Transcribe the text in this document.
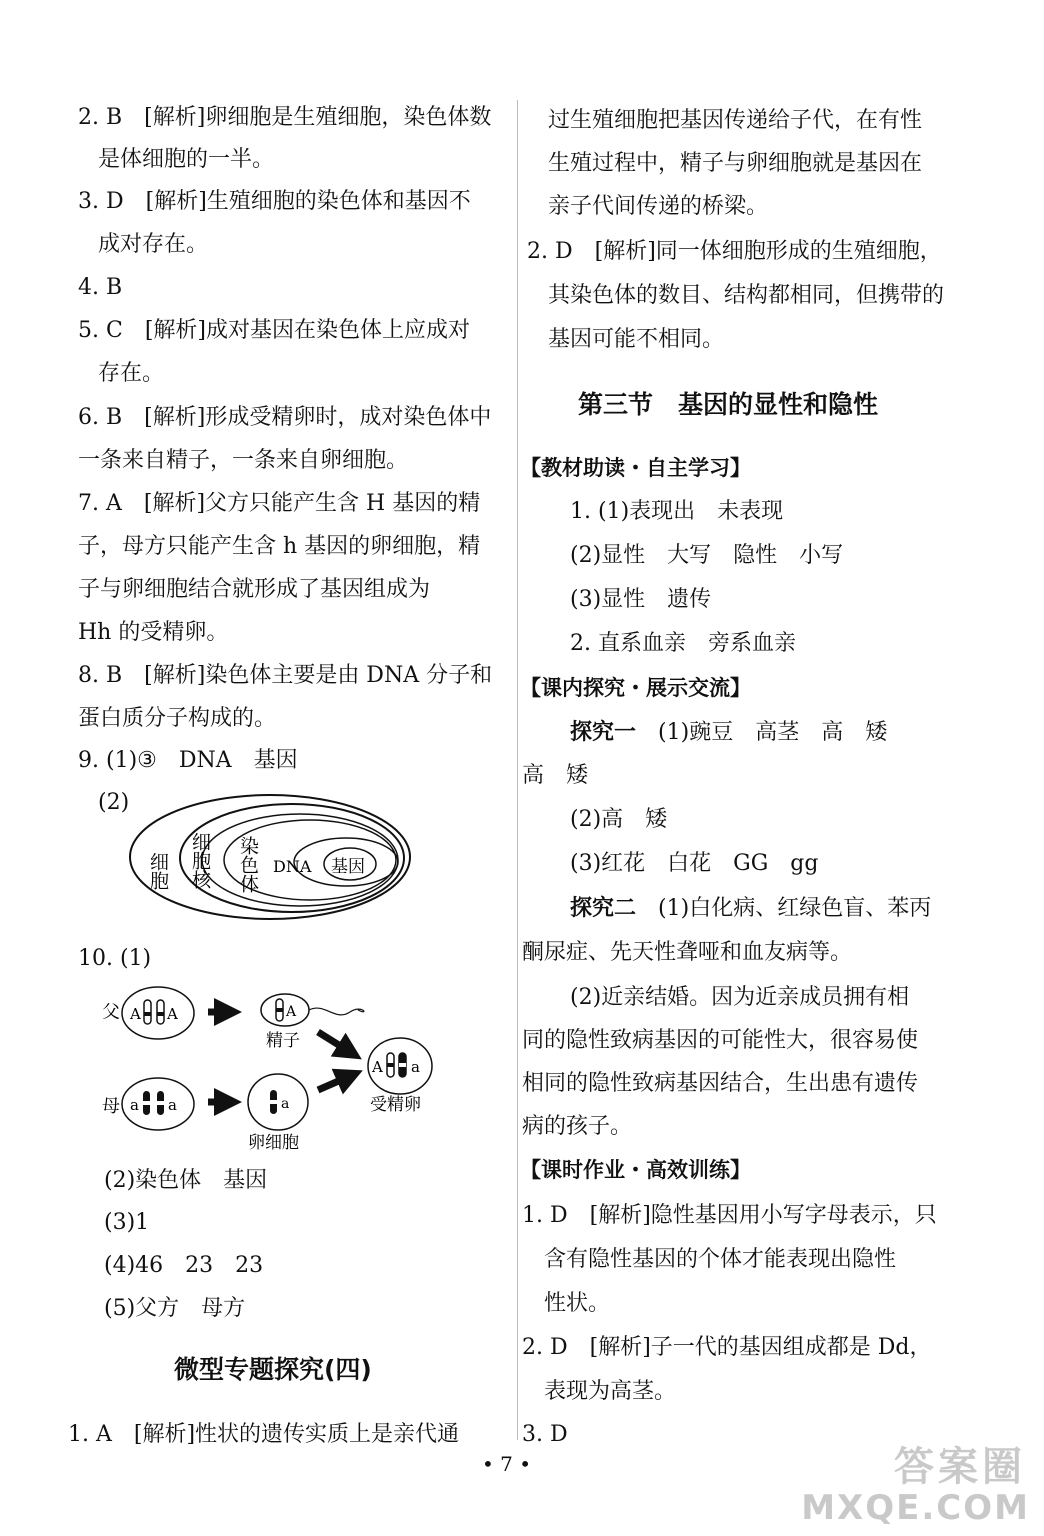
2. B　[解析]卵细胞是生殖细胞，染色体数
是体细胞的一半。
3. D　[解析]生殖细胞的染色体和基因不
成对存在。
4. B
5. C　[解析]成对基因在染色体上应成对
存在。
6. B　[解析]形成受精卵时，成对染色体中
一条来自精子，一条来自卵细胞。
7. A　[解析]父方只能产生含 H 基因的精
子，母方只能产生含 h 基因的卵细胞，精
子与卵细胞结合就形成了基因组成为
Hh 的受精卵。
8. B　[解析]染色体主要是由 DNA 分子和
蛋白质分子构成的。
9. (1)③　DNA　基因
(2)
细胞 细胞核 染色体 DNA 基因
10. (1)
父 A A	A
精子
A a
受精卵
母 a a	a
卵细胞
(2)染色体　基因
(3)1
(4)46　23　23
(5)父方　母方
微型专题探究(四)
1. A　[解析]性状的遗传实质上是亲代通
过生殖细胞把基因传递给子代，在有性
生殖过程中，精子与卵细胞就是基因在
亲子代间传递的桥梁。
2. D　[解析]同一体细胞形成的生殖细胞，
其染色体的数目、结构都相同，但携带的
基因可能不相同。
第三节　基因的显性和隐性
【教材助读・自主学习】
1. (1)表现出　未表现
(2)显性　大写　隐性　小写
(3)显性　遗传
2. 直系血亲　旁系血亲
【课内探究・展示交流】
探究一　 (1)豌豆　高茎　高　矮
高　矮
(2)高　矮
(3)红花　白花　GG　gg
探究二　 (1)白化病、红绿色盲、苯丙
酮尿症、先天性聋哑和血友病等。
(2)近亲结婚。因为近亲成员拥有相
同的隐性致病基因的可能性大，很容易使
相同的隐性致病基因结合，生出患有遗传
病的孩子。
【课时作业・高效训练】
1. D　[解析]隐性基因用小写字母表示，只
含有隐性基因的个体才能表现出隐性
性状。
2. D　[解析]子一代的基因组成都是 Dd，
表现为高茎。
3. D
• 7 •	答案圈
MXQE.COM
